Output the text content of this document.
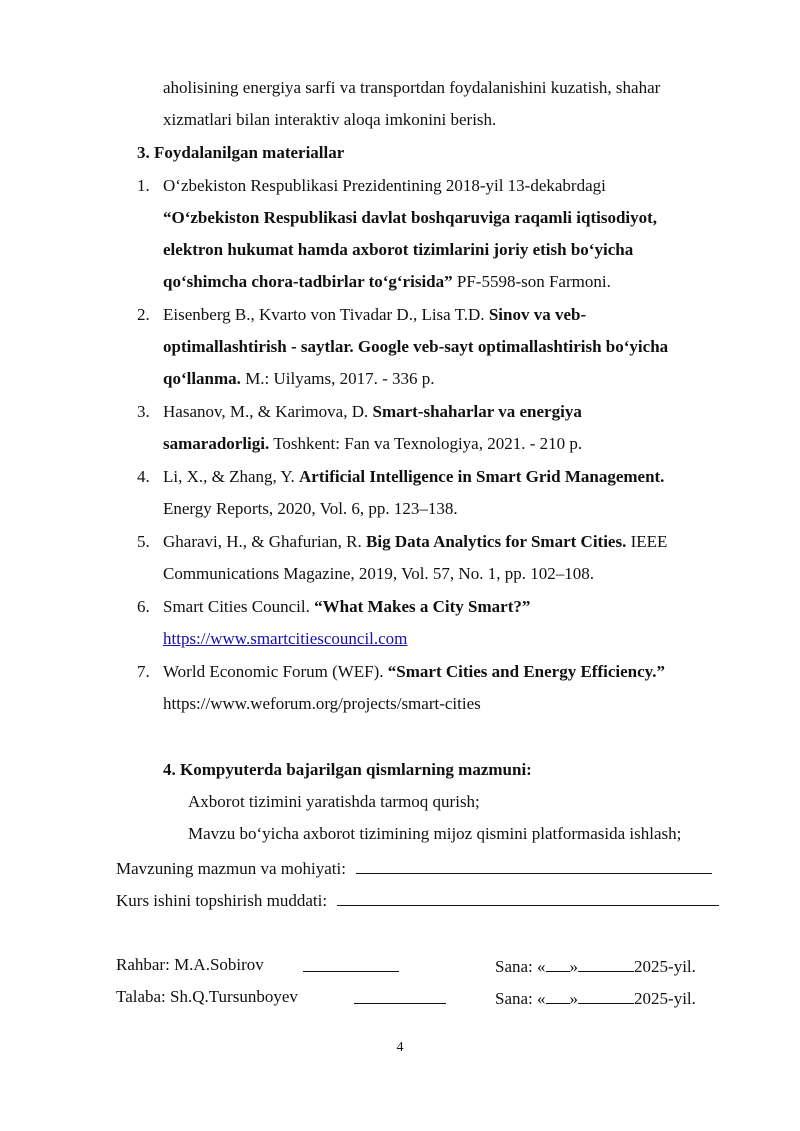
aholisining energiya sarfi va transportdan foydalanishini kuzatish, shahar
xizmatlari bilan interaktiv aloqa imkonini berish.
3. Foydalanilgan materiallar
1. O‘zbekiston Respublikasi Prezidentining 2018-yil 13-dekabrdagi
“O‘zbekiston Respublikasi davlat boshqaruviga raqamli iqtisodiyot,
elektron hukumat hamda axborot tizimlarini joriy etish bo‘yicha
qo‘shimcha chora-tadbirlar to‘g‘risida” PF-5598-son Farmoni.
2. Eisenberg B., Kvarto von Tivadar D., Lisa T.D. Sinov va veb-
optimallashtirish - saytlar. Google veb-sayt optimallashtirish bo‘yicha
qo‘llanma. M.: Uilyams, 2017. - 336 p.
3. Hasanov, M., & Karimova, D. Smart-shaharlar va energiya
samaradorligi. Toshkent: Fan va Texnologiya, 2021. - 210 p.
4. Li, X., & Zhang, Y. Artificial Intelligence in Smart Grid Management.
Energy Reports, 2020, Vol. 6, pp. 123–138.
5. Gharavi, H., & Ghafurian, R. Big Data Analytics for Smart Cities. IEEE
Communications Magazine, 2019, Vol. 57, No. 1, pp. 102–108.
6. Smart Cities Council. “What Makes a City Smart?”
https://www.smartcitiescouncil.com
7. World Economic Forum (WEF). “Smart Cities and Energy Efficiency.”
https://www.weforum.org/projects/smart-cities
4. Kompyuterda bajarilgan qismlarning mazmuni:
Axborot tizimini yaratishda tarmoq qurish;
Mavzu bo‘yicha axborot tizimining mijoz qismini platformasida ishlash;
Mavzuning mazmun va mohiyati:
Kurs ishini topshirish muddati:
Rahbar: M.A.Sobirov	Sana: « »	2025-yil.
Talaba: Sh.Q.Tursunboyev	Sana: « »	2025-yil.
4
